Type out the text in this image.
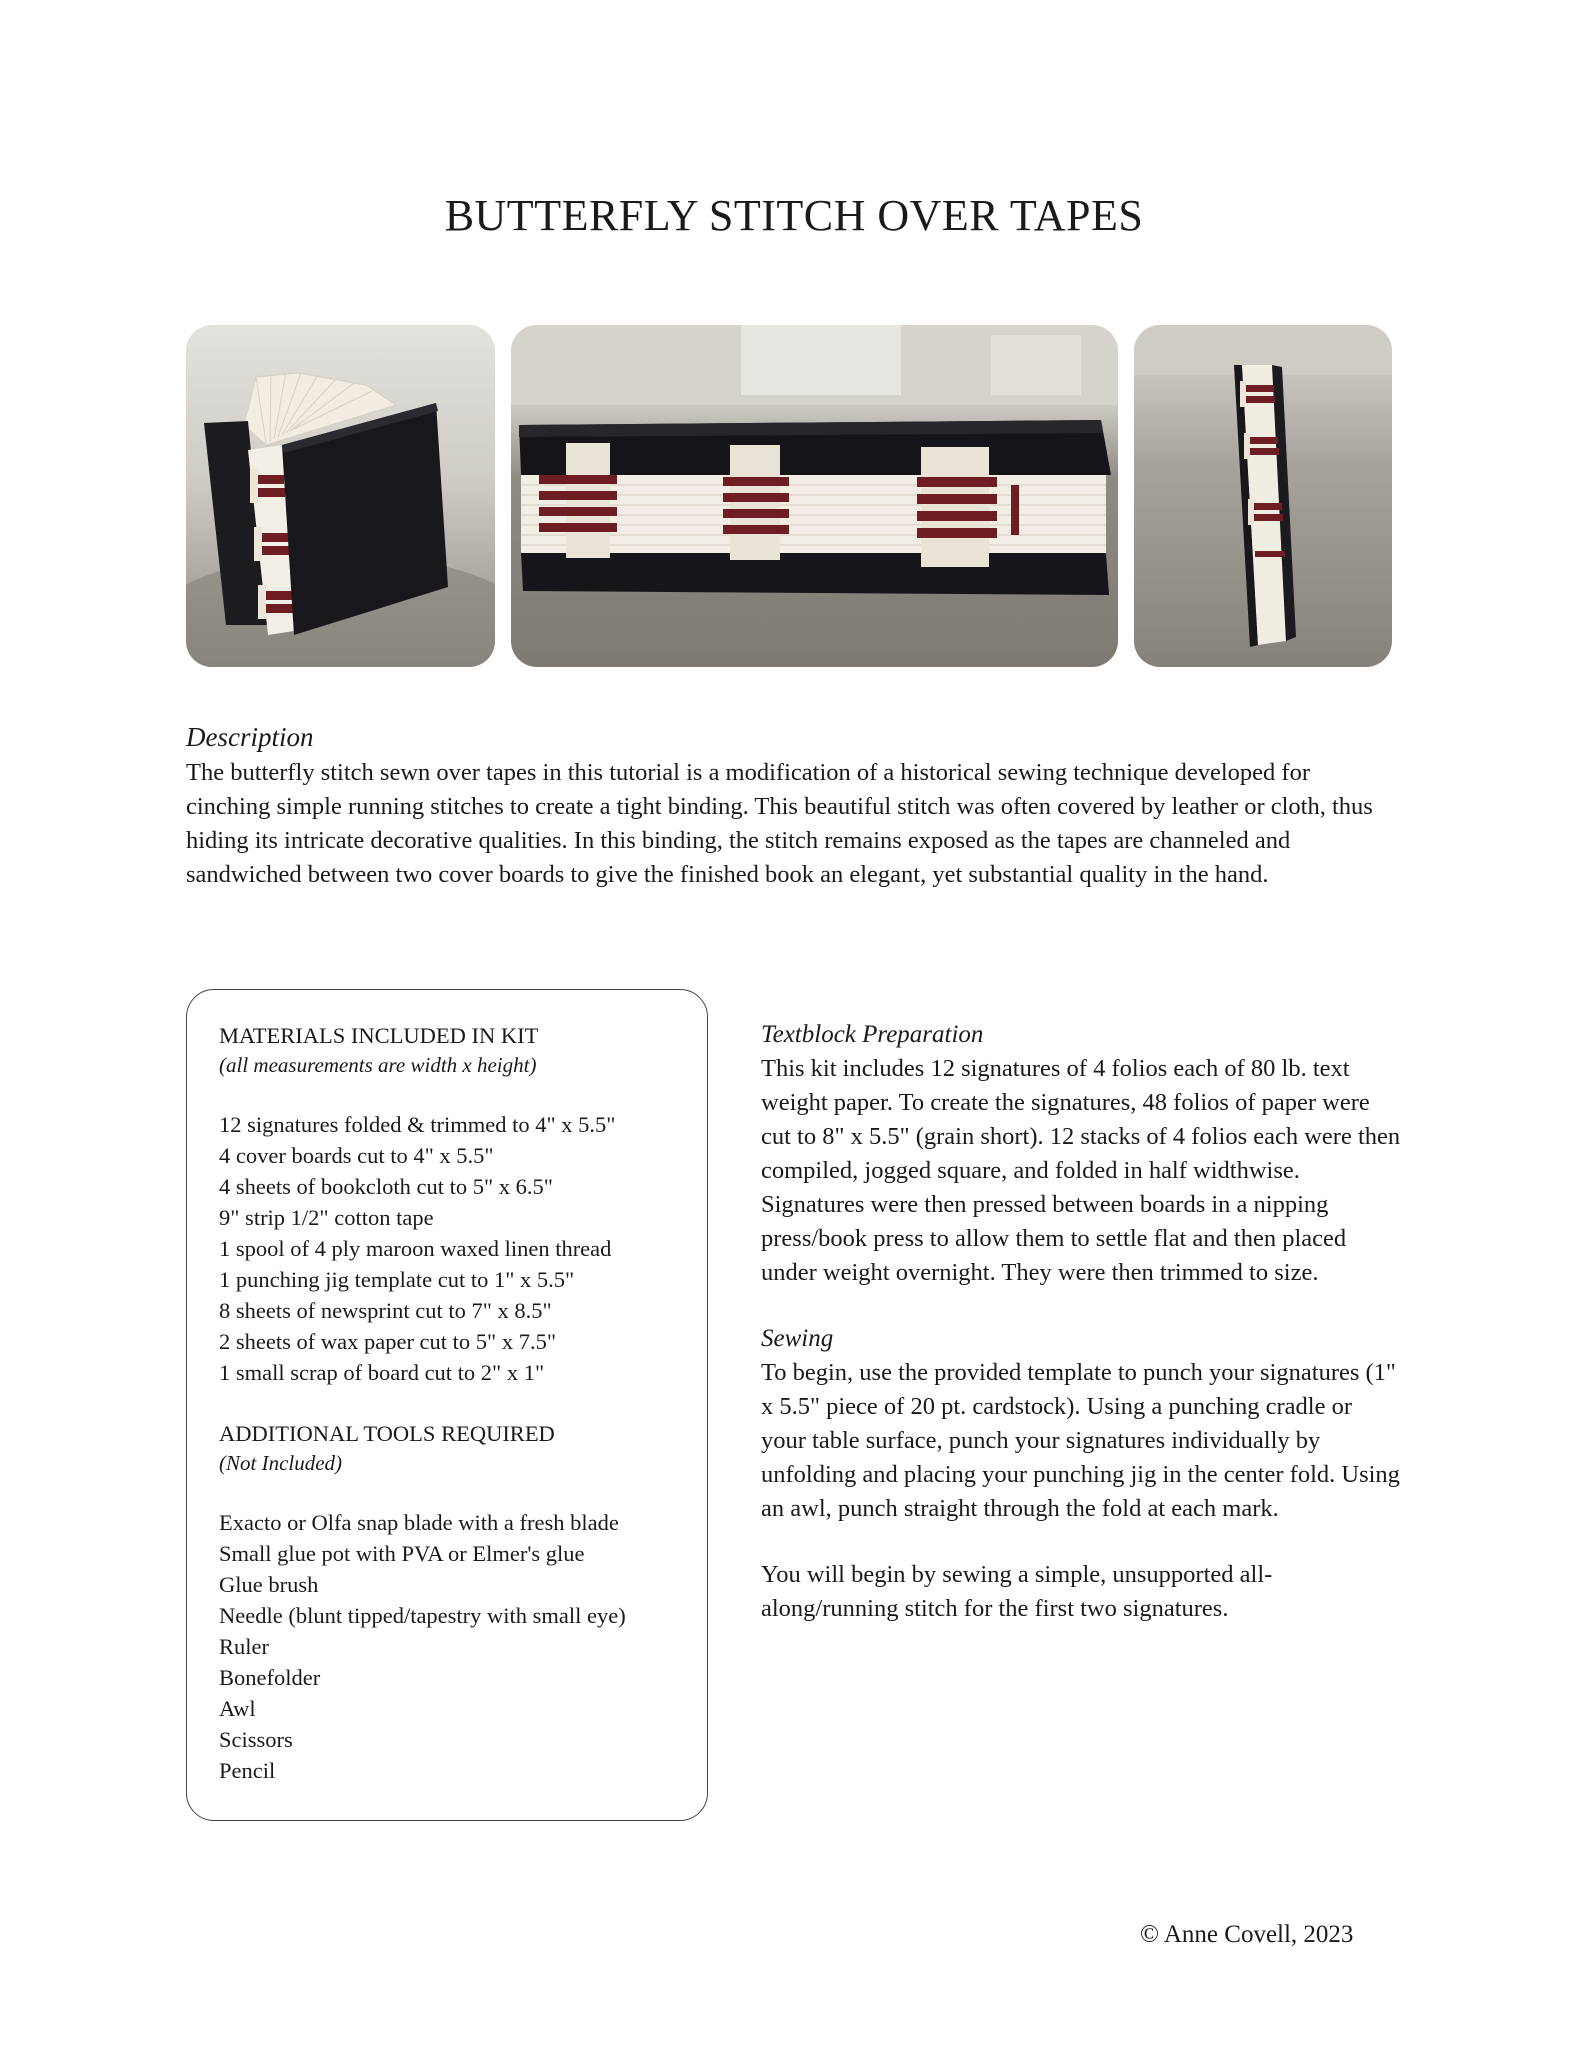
BUTTERFLY STITCH OVER TAPES
Description

The butterfly stitch sewn over tapes in this tutorial is a modification of a historical sewing technique developed for cinching simple running stitches to create a tight binding. This beautiful stitch was often covered by leather or cloth, thus hiding its intricate decorative qualities. In this binding, the stitch remains exposed as the tapes are channeled and sandwiched between two cover boards to give the finished book an elegant, yet substantial quality in the hand.

MATERIALS INCLUDED IN KIT
(all measurements are width x height)
12 signatures folded & trimmed to 4" x 5.5"
4 cover boards cut to 4" x 5.5"
4 sheets of bookcloth cut to 5" x 6.5"
9" strip 1/2" cotton tape
1 spool of 4 ply maroon waxed linen thread
1 punching jig template cut to 1" x 5.5"
8 sheets of newsprint cut to 7" x 8.5"
2 sheets of wax paper cut to 5" x 7.5"
1 small scrap of board cut to 2" x 1"
ADDITIONAL TOOLS REQUIRED
(Not Included)
Exacto or Olfa snap blade with a fresh blade
Small glue pot with PVA or Elmer's glue
Glue brush
Needle (blunt tipped/tapestry with small eye)
Ruler
Bonefolder
Awl
Scissors
Pencil
Textblock Preparation

This kit includes 12 signatures of 4 folios each of 80 lb. text weight paper. To create the signatures, 48 folios of paper were cut to 8" x 5.5" (grain short). 12 stacks of 4 folios each were then compiled, jogged square, and folded in half widthwise. Signatures were then pressed between boards in a nipping press/book press to allow them to settle flat and then placed under weight overnight. They were then trimmed to size.

Sewing

To begin, use the provided template to punch your signatures (1" x 5.5" piece of 20 pt. cardstock). Using a punching cradle or your table surface, punch your signatures individually by unfolding and placing your punching jig in the center fold. Using an awl, punch straight through the fold at each mark.

You will begin by sewing a simple, unsupported all-along/running stitch for the first two signatures.

© Anne Covell, 2023
